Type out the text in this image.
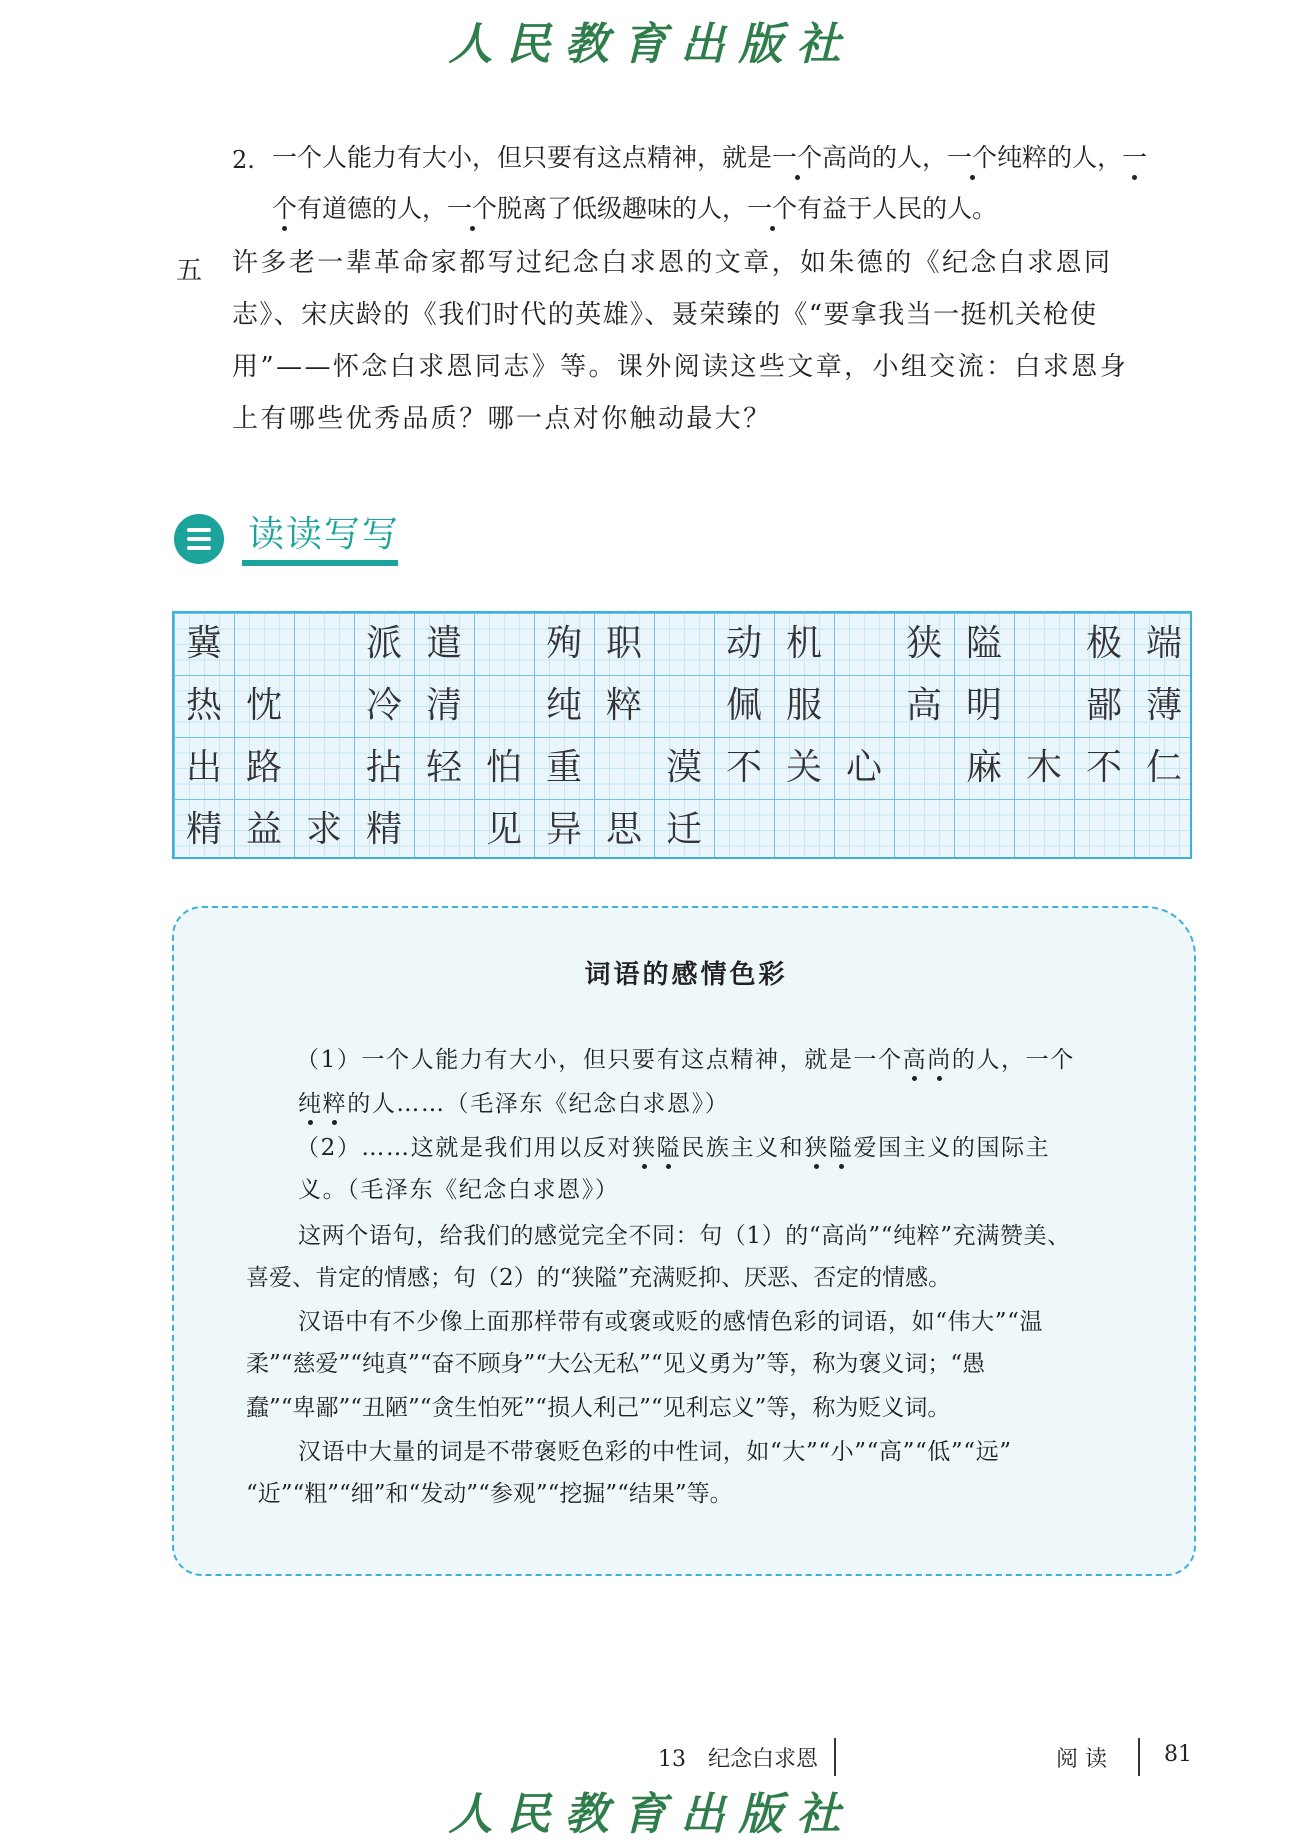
人民教育出版社
2. 一个人能力有大小，但只要有这点精神，就是一个高尚的人，一个纯粹的人，一
个有道德的人，一个脱离了低级趣味的人，一个有益于人民的人。
五 许多老一辈革命家都写过纪念白求恩的文章，如朱德的《纪念白求恩同
志》、宋庆龄的《我们时代的英雄》、聂荣臻的《“要拿我当一挺机关枪使
用”——怀念白求恩同志》等。课外阅读这些文章，小组交流：白求恩身
上有哪些优秀品质？哪一点对你触动最大？
读读写写
冀	派 遣	殉 职	动 机	狭 隘	极 端
热 忱	冷 清	纯 粹	佩 服	高 明	鄙 薄
出 路	拈 轻 怕 重	漠 不 关 心	麻 木 不 仁
精 益 求 精	见 异 思 迁
词语的感情色彩
（1）一个人能力有大小，但只要有这点精神，就是一个高尚的人，一个
纯粹的人……（毛泽东《纪念白求恩》）
（2）……这就是我们用以反对狭隘民族主义和狭隘爱国主义的国际主
义。（毛泽东《纪念白求恩》）
这两个语句，给我们的感觉完全不同：句（1）的“高尚”“纯粹”充满赞美、
喜爱、肯定的情感；句（2）的“狭隘”充满贬抑、厌恶、否定的情感。
汉语中有不少像上面那样带有或褒或贬的感情色彩的词语，如“伟大”“温
柔”“慈爱”“纯真”“奋不顾身”“大公无私”“见义勇为”等，称为褒义词；“愚
蠢”“卑鄙”“丑陋”“贪生怕死”“损人利己”“见利忘义”等，称为贬义词。
汉语中大量的词是不带褒贬色彩的中性词，如“大”“小”“高”“低”“远”
“近”“粗”“细”和“发动”“参观”“挖掘”“结果”等。
13　纪念白求恩	阅 读	81
人民教育出版社
